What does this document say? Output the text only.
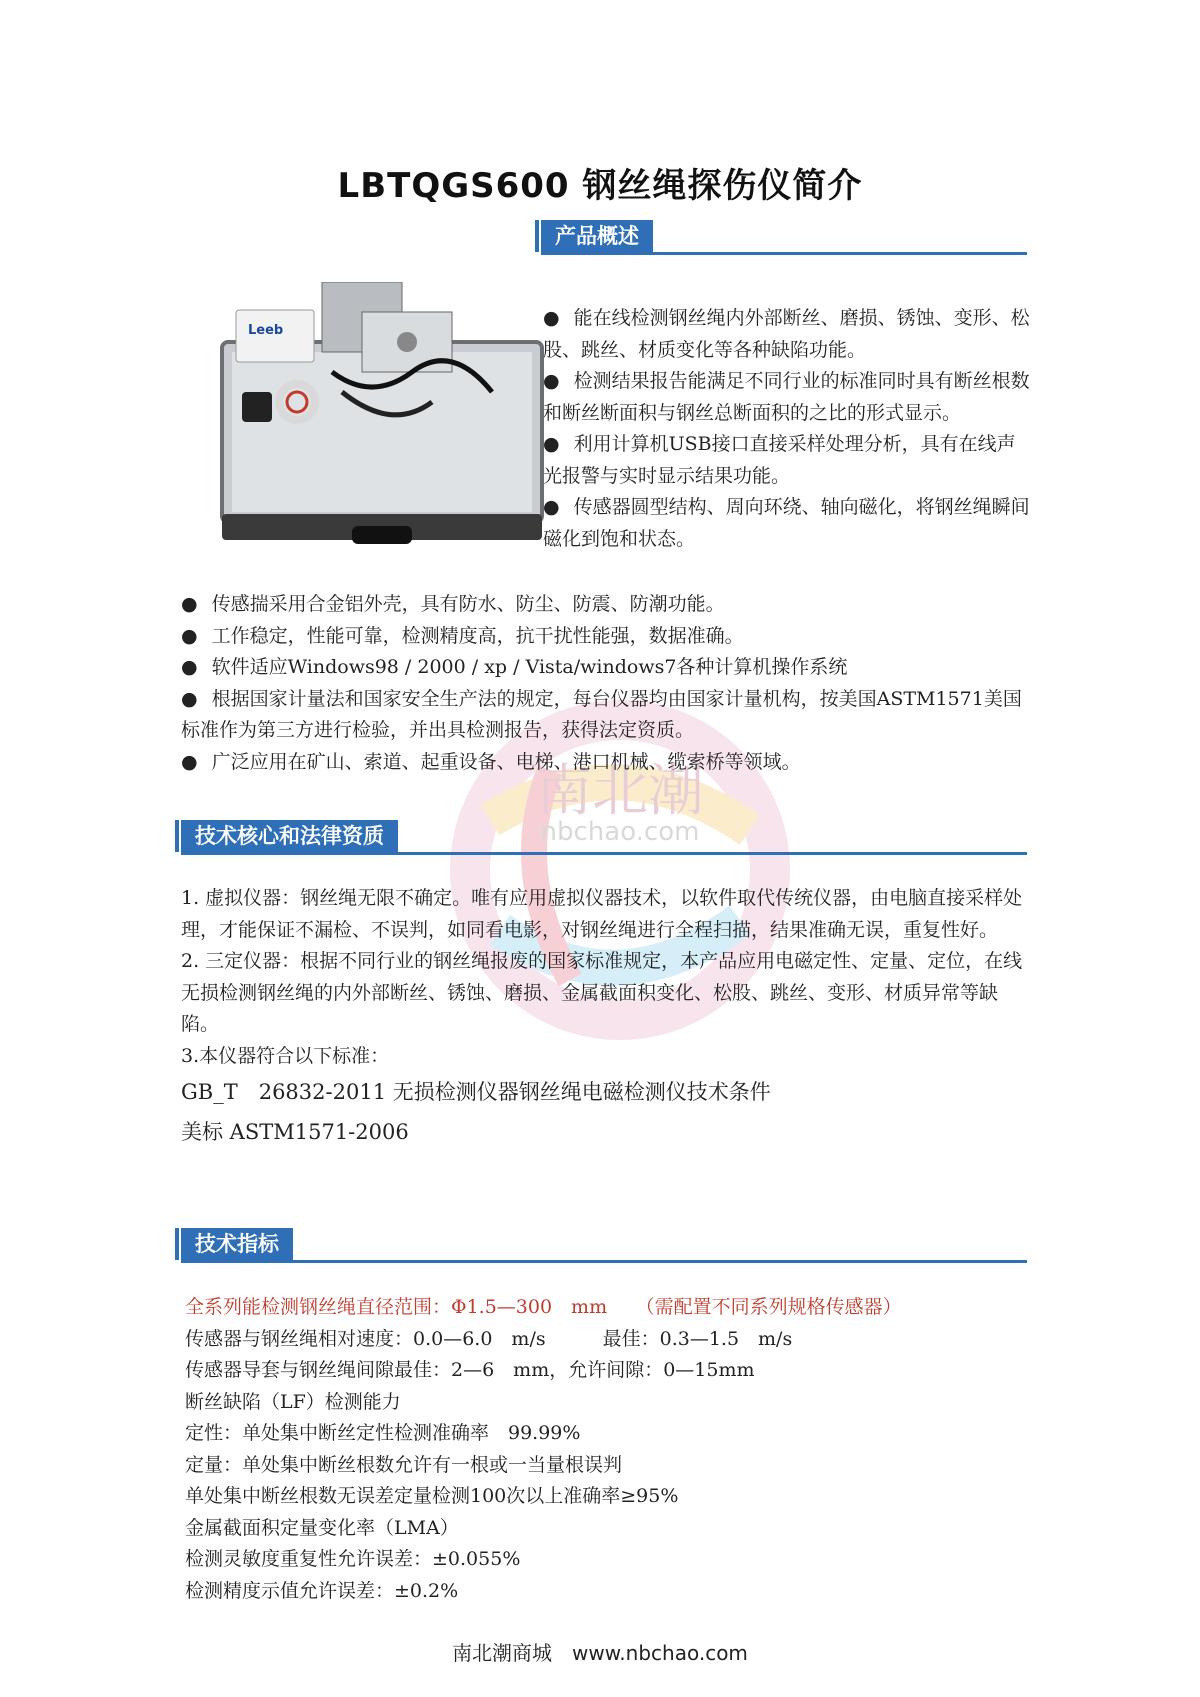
LBTQGS600 钢丝绳探伤仪简介
南北潮
nbchao.com
产品概述
Leeb

● 能在线检测钢丝绳内外部断丝、磨损、锈蚀、变形、松股、跳丝、材质变化等各种缺陷功能。

● 检测结果报告能满足不同行业的标准同时具有断丝根数和断丝断面积与钢丝总断面积的之比的形式显示。

● 利用计算机USB接口直接采样处理分析，具有在线声光报警与实时显示结果功能。

● 传感器圆型结构、周向环绕、轴向磁化，将钢丝绳瞬间磁化到饱和状态。

● 传感揣采用合金铝外壳，具有防水、防尘、防震、防潮功能。

● 工作稳定，性能可靠，检测精度高，抗干扰性能强，数据准确。

● 软件适应Windows98 / 2000 / xp / Vista/windows7各种计算机操作系统

● 根据国家计量法和国家安全生产法的规定，每台仪器均由国家计量机构，按美国ASTM1571美国标准作为第三方进行检验，并出具检测报告，获得法定资质。

● 广泛应用在矿山、索道、起重设备、电梯、港口机械、缆索桥等领域。

技术核心和法律资质

1. 虚拟仪器：钢丝绳无限不确定。唯有应用虚拟仪器技术，以软件取代传统仪器，由电脑直接采样处理，才能保证不漏检、不误判，如同看电影，对钢丝绳进行全程扫描，结果准确无误，重复性好。

2. 三定仪器：根据不同行业的钢丝绳报废的国家标准规定，本产品应用电磁定性、定量、定位，在线无损检测钢丝绳的内外部断丝、锈蚀、磨损、金属截面积变化、松股、跳丝、变形、材质异常等缺陷。

3.本仪器符合以下标准：

GB_T　26832-2011 无损检测仪器钢丝绳电磁检测仪技术条件

美标 ASTM1571-2006

技术指标

全系列能检测钢丝绳直径范围：Φ1.5—300　mm　　（需配置不同系列规格传感器）

传感器与钢丝绳相对速度：0.0—6.0　m/s　　　最佳：0.3—1.5　m/s

传感器导套与钢丝绳间隙最佳：2—6　mm，允许间隙：0—15mm

断丝缺陷（LF）检测能力

定性：单处集中断丝定性检测准确率　99.99%

定量：单处集中断丝根数允许有一根或一当量根误判

单处集中断丝根数无误差定量检测100次以上准确率≥95%

金属截面积定量变化率（LMA）

检测灵敏度重复性允许误差：±0.055%

检测精度示值允许误差：±0.2%

南北潮商城　www.nbchao.com
